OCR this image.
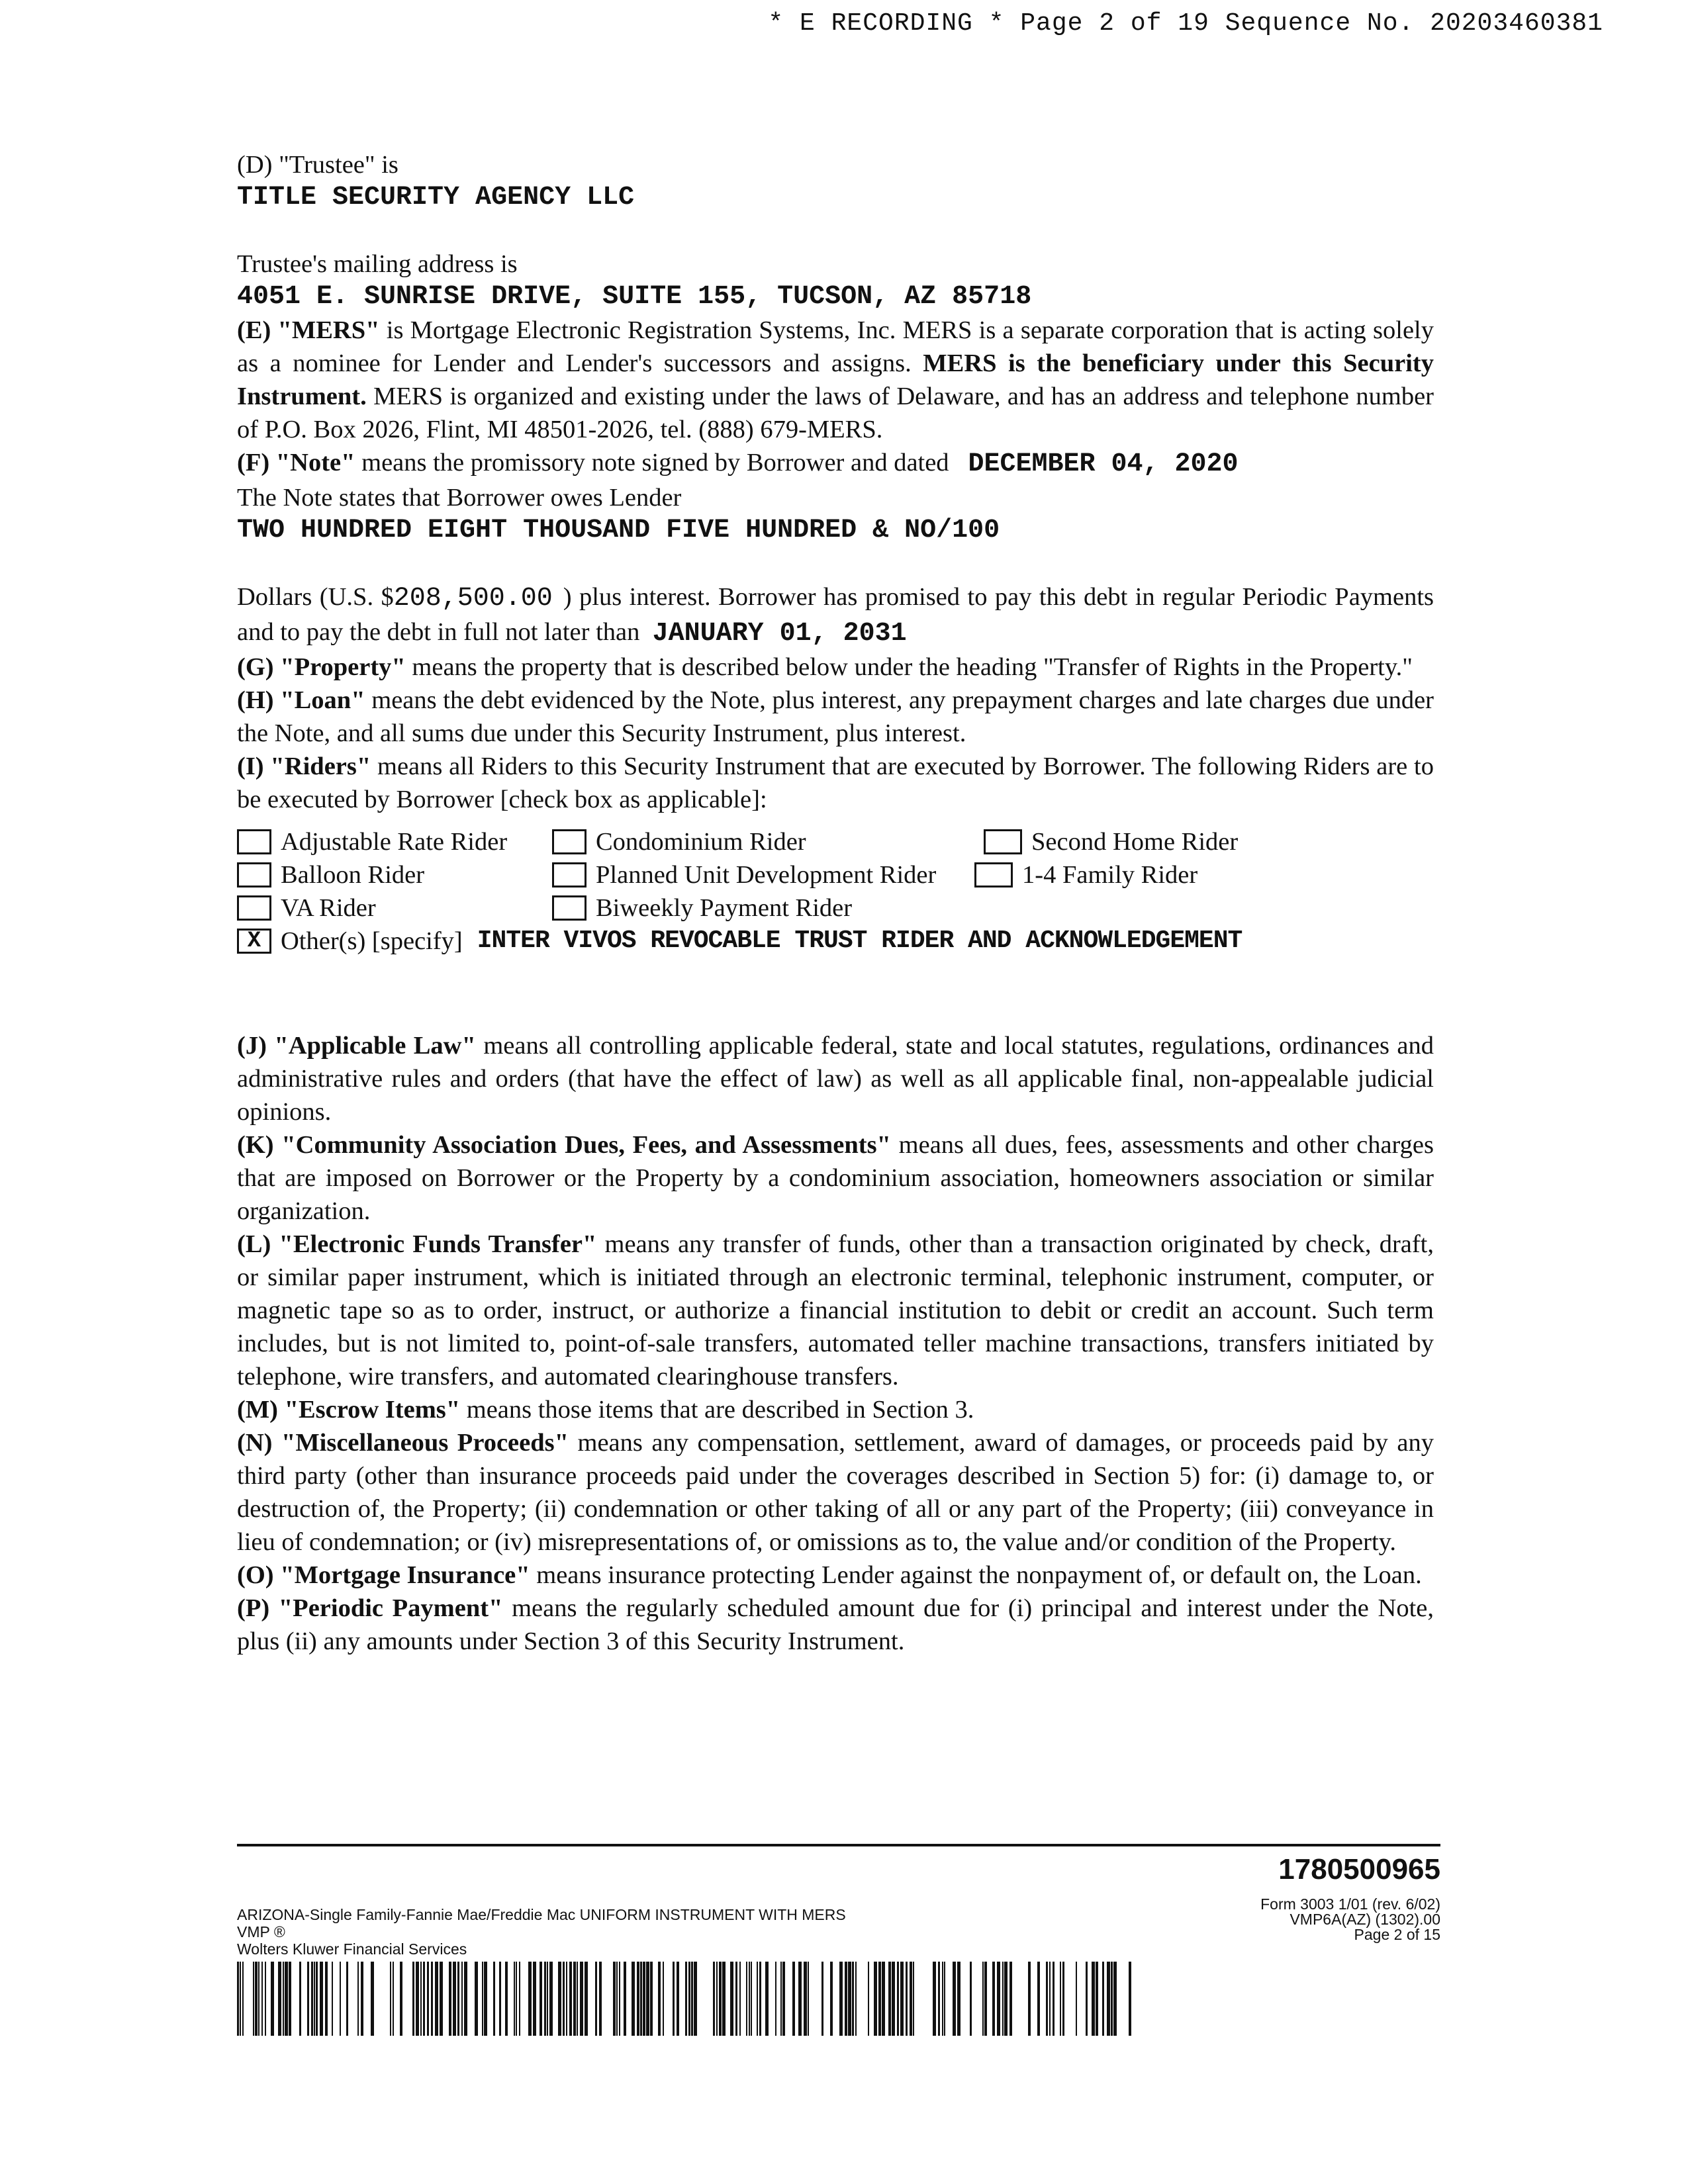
* E RECORDING * Page 2 of 19 Sequence No. 20203460381

(D) "Trustee" is

TITLE SECURITY AGENCY LLC

Trustee's mailing address is

4051 E. SUNRISE DRIVE, SUITE 155, TUCSON, AZ 85718

(E) "MERS" is Mortgage Electronic Registration Systems, Inc. MERS is a separate corporation that is acting solely as a nominee for Lender and Lender's successors and assigns. MERS is the beneficiary under this Security Instrument. MERS is organized and existing under the laws of Delaware, and has an address and telephone number of P.O. Box 2026, Flint, MI 48501-2026, tel. (888) 679-MERS.

(F) "Note" means the promissory note signed by Borrower and dated DECEMBER 04, 2020

The Note states that Borrower owes Lender

TWO HUNDRED EIGHT THOUSAND FIVE HUNDRED & NO/100

Dollars (U.S. $208,500.00 ) plus interest. Borrower has promised to pay this debt in regular Periodic Payments and to pay the debt in full not later than JANUARY 01, 2031

(G) "Property" means the property that is described below under the heading "Transfer of Rights in the Property."

(H) "Loan" means the debt evidenced by the Note, plus interest, any prepayment charges and late charges due under the Note, and all sums due under this Security Instrument, plus interest.

(I) "Riders" means all Riders to this Security Instrument that are executed by Borrower. The following Riders are to be executed by Borrower [check box as applicable]:

Adjustable Rate Rider	Condominium Rider	Second Home Rider
Balloon Rider	Planned Unit Development Rider	1-4 Family Rider
VA Rider	Biweekly Payment Rider
X Other(s) [specify] INTER VIVOS REVOCABLE TRUST RIDER AND ACKNOWLEDGEMENT

(J) "Applicable Law" means all controlling applicable federal, state and local statutes, regulations, ordinances and administrative rules and orders (that have the effect of law) as well as all applicable final, non-appealable judicial opinions.

(K) "Community Association Dues, Fees, and Assessments" means all dues, fees, assessments and other charges that are imposed on Borrower or the Property by a condominium association, homeowners association or similar organization.

(L) "Electronic Funds Transfer" means any transfer of funds, other than a transaction originated by check, draft, or similar paper instrument, which is initiated through an electronic terminal, telephonic instrument, computer, or magnetic tape so as to order, instruct, or authorize a financial institution to debit or credit an account. Such term includes, but is not limited to, point-of-sale transfers, automated teller machine transactions, transfers initiated by telephone, wire transfers, and automated clearinghouse transfers.

(M) "Escrow Items" means those items that are described in Section 3.

(N) "Miscellaneous Proceeds" means any compensation, settlement, award of damages, or proceeds paid by any third party (other than insurance proceeds paid under the coverages described in Section 5) for: (i) damage to, or destruction of, the Property; (ii) condemnation or other taking of all or any part of the Property; (iii) conveyance in lieu of condemnation; or (iv) misrepresentations of, or omissions as to, the value and/or condition of the Property.

(O) "Mortgage Insurance" means insurance protecting Lender against the nonpayment of, or default on, the Loan.

(P) "Periodic Payment" means the regularly scheduled amount due for (i) principal and interest under the Note, plus (ii) any amounts under Section 3 of this Security Instrument.

1780500965
ARIZONA-Single Family-Fannie Mae/Freddie Mac UNIFORM INSTRUMENT WITH MERS
VMP ®
Wolters Kluwer Financial Services
Form 3003 1/01 (rev. 6/02)
VMP6A(AZ) (1302).00
Page 2 of 15
